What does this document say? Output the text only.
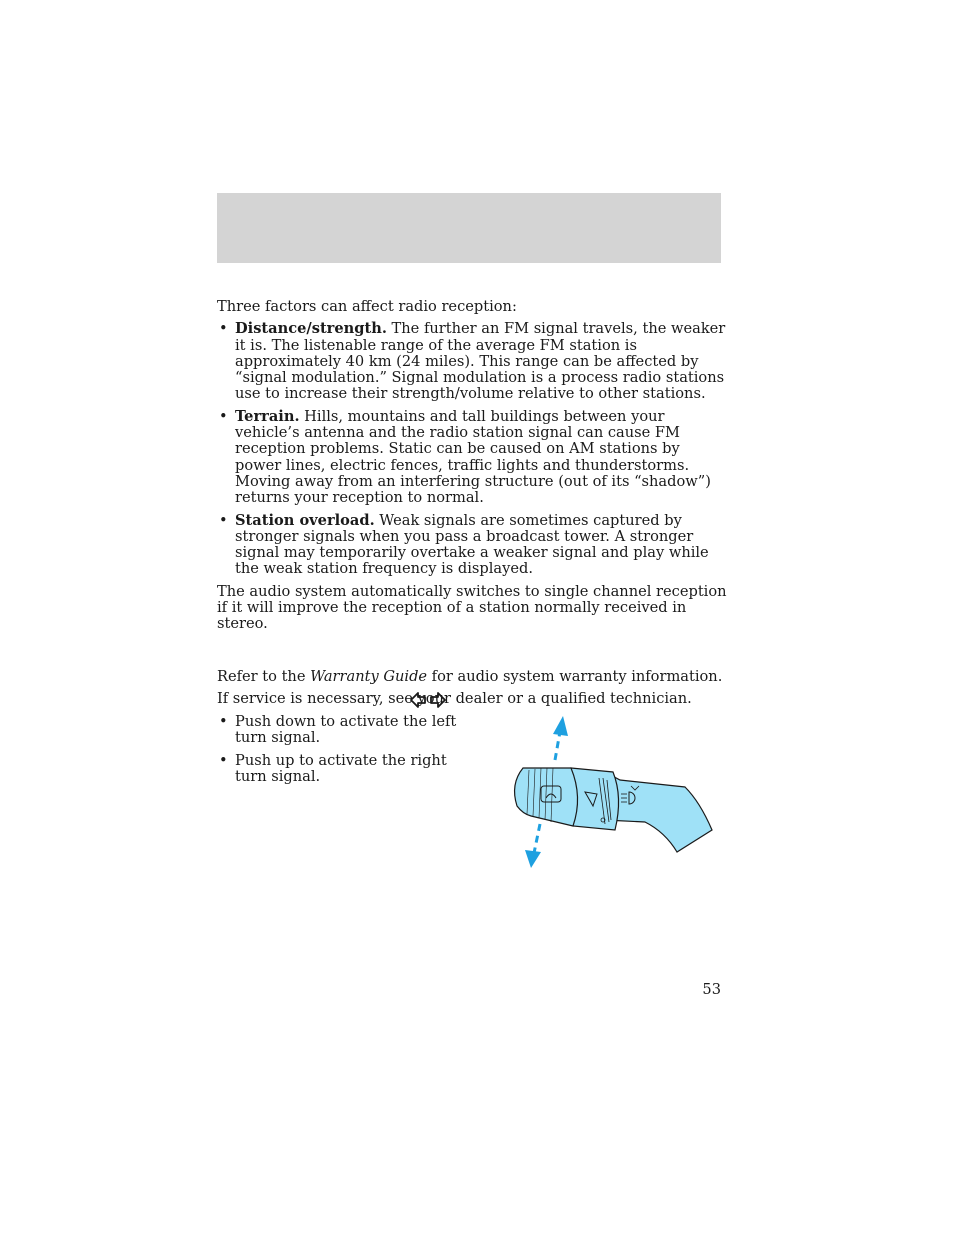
Three factors can affect radio reception:

• Distance/strength. The further an FM signal travels, the weaker it is. The listenable range of the average FM station is approximately 40 km (24 miles). This range can be affected by “signal modulation.” Signal modulation is a process radio stations use to increase their strength/volume relative to other stations.
• Terrain. Hills, mountains and tall buildings between your vehicle’s antenna and the radio station signal can cause FM reception problems. Static can be caused on AM stations by power lines, electric fences, traffic lights and thunderstorms. Moving away from an interfering structure (out of its “shadow”) returns your reception to normal.
• Station overload. Weak signals are sometimes captured by stronger signals when you pass a broadcast tower. A stronger signal may temporarily overtake a weaker signal and play while the weak station frequency is displayed.

The audio system automatically switches to single channel reception if it will improve the reception of a station normally received in stereo.

Refer to the Warranty Guide for audio system warranty information.

If service is necessary, see your dealer or a qualified technician.

• Push down to activate the left turn signal.
• Push up to activate the right turn signal.
53
